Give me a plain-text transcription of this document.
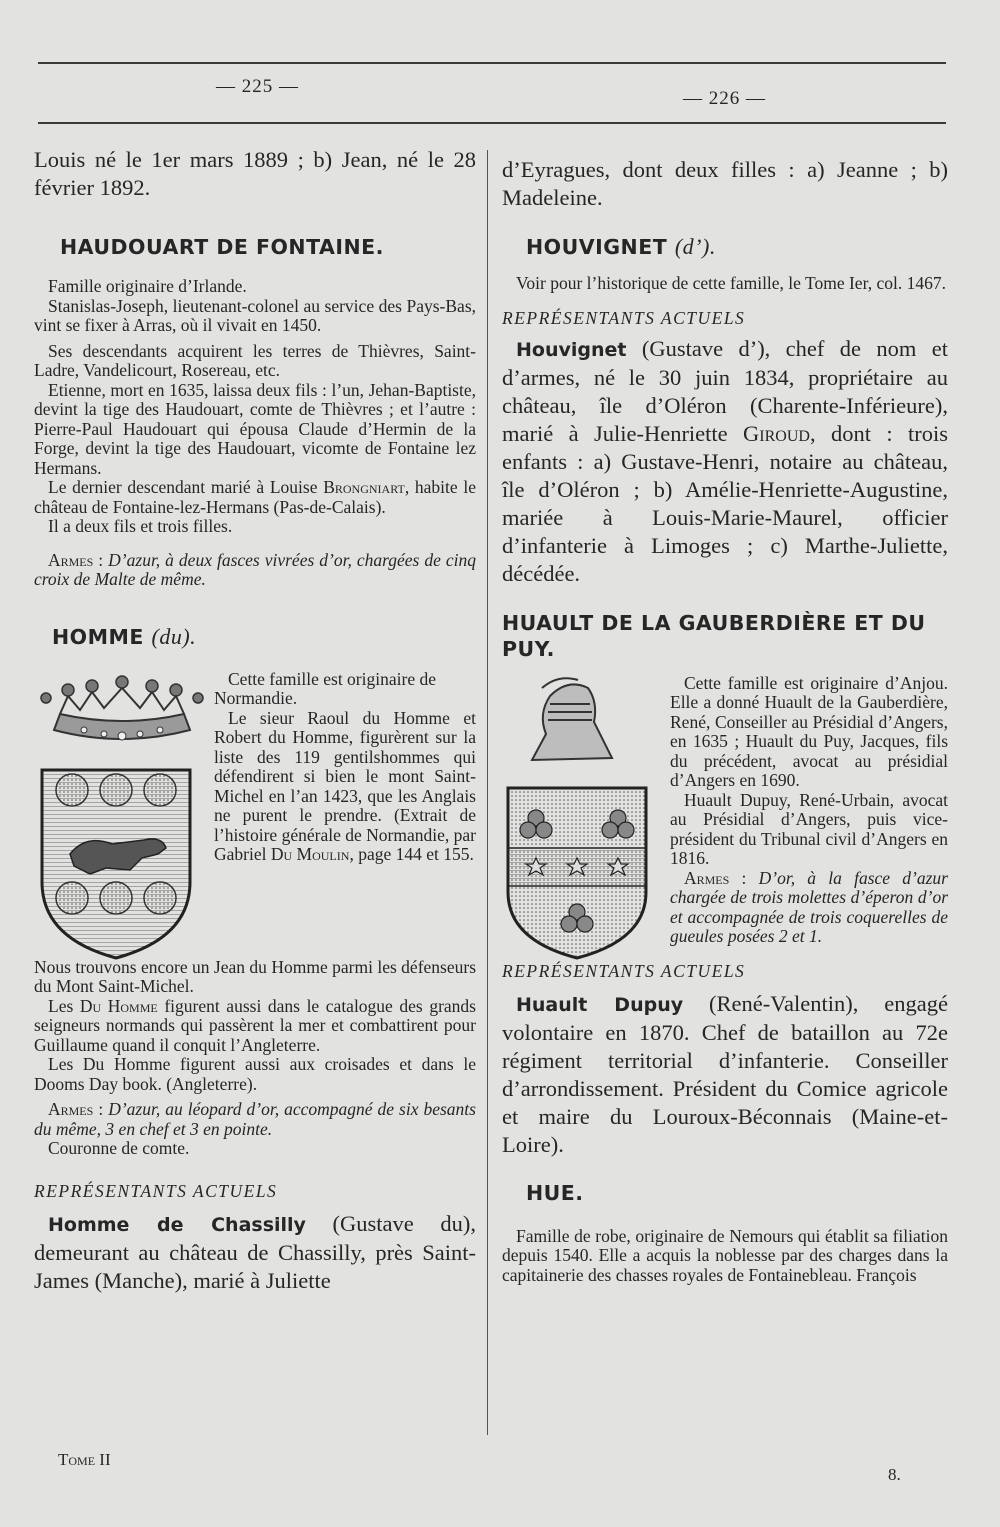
— 225 —
— 226 —

Louis né le 1er mars 1889 ; b) Jean, né le 28 février 1892.

HAUDOUART DE FONTAINE.

Famille originaire d’Irlande.

Stanislas-Joseph, lieutenant-colonel au service des Pays-Bas, vint se fixer à Arras, où il vivait en 1450.

Ses descendants acquirent les terres de Thièvres, Saint-Ladre, Vandelicourt, Rosereau, etc.

Etienne, mort en 1635, laissa deux fils : l’un, Jehan-Baptiste, devint la tige des Haudouart, comte de Thièvres ; et l’autre : Pierre-Paul Haudouart qui épousa Claude d’Hermin de la Forge, devint la tige des Haudouart, vicomte de Fontaine lez Hermans.

Le dernier descendant marié à Louise Brongniart, habite le château de Fontaine-lez-Hermans (Pas-de-Calais).

Il a deux fils et trois filles.

Armes : D’azur, à deux fasces vivrées d’or, chargées de cinq croix de Malte de même.

HOMME (du).

Cette famille est originaire de Normandie.

Le sieur Raoul du Homme et Robert du Homme, figurèrent sur la liste des 119 gentilshommes qui défendirent si bien le mont Saint-Michel en l’an 1423, que les Anglais ne purent le prendre. (Extrait de l’histoire générale de Normandie, par Gabriel Du Moulin, page 144 et 155.

Nous trouvons encore un Jean du Homme parmi les défenseurs du Mont Saint-Michel.

Les Du Homme figurent aussi dans le catalogue des grands seigneurs normands qui passèrent la mer et combattirent pour Guillaume quand il conquit l’Angleterre.

Les Du Homme figurent aussi aux croisades et dans le Dooms Day book. (Angleterre).

Armes : D’azur, au léopard d’or, accompagné de six besants du même, 3 en chef et 3 en pointe.

Couronne de comte.

REPRÉSENTANTS ACTUELS

Homme de Chassilly (Gustave du), demeurant au château de Chassilly, près Saint-James (Manche), marié à Juliette

d’Eyragues, dont deux filles : a) Jeanne ; b) Madeleine.

HOUVIGNET (d’).

Voir pour l’historique de cette famille, le Tome Ier, col. 1467.

REPRÉSENTANTS ACTUELS

Houvignet (Gustave d’), chef de nom et d’armes, né le 30 juin 1834, propriétaire au château, île d’Oléron (Charente-Inférieure), marié à Julie-Henriette Giroud, dont : trois enfants : a) Gustave-Henri, notaire au château, île d’Oléron ; b) Amélie-Henriette-Augustine, mariée à Louis-Marie-Maurel, officier d’infanterie à Limoges ; c) Marthe-Juliette, décédée.

HUAULT DE LA GAUBERDIÈRE ET DU PUY.

Cette famille est originaire d’Anjou. Elle a donné Huault de la Gauberdière, René, Conseiller au Présidial d’Angers, en 1635 ; Huault du Puy, Jacques, fils du précédent, avocat au présidial d’Angers en 1690.

Huault Dupuy, René-Urbain, avocat au Présidial d’Angers, puis vice-président du Tribunal civil d’Angers en 1816.

Armes : D’or, à la fasce d’azur chargée de trois molettes d’éperon d’or et accompagnée de trois coquerelles de gueules posées 2 et 1.

REPRÉSENTANTS ACTUELS

Huault Dupuy (René-Valentin), engagé volontaire en 1870. Chef de bataillon au 72e régiment territorial d’infanterie. Conseiller d’arrondissement. Président du Comice agricole et maire du Louroux-Béconnais (Maine-et-Loire).

HUE.

Famille de robe, originaire de Nemours qui établit sa filiation depuis 1540. Elle a acquis la noblesse par des charges dans la capitainerie des chasses royales de Fontainebleau. François

Tome II
8.
